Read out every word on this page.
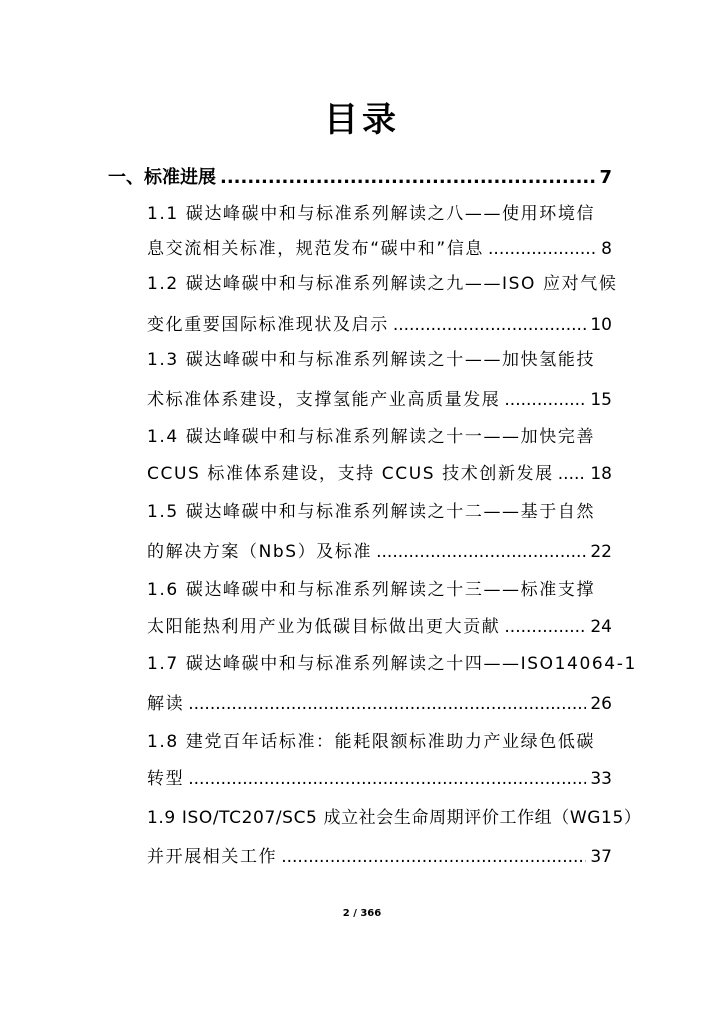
目录
一、标准进展 .....	7
1.1 碳达峰碳中和与标准系列解读之八——使用环境信
息交流相关标准，规范发布“碳中和”信息 .....	8
1.2 碳达峰碳中和与标准系列解读之九——ISO 应对气候
变化重要国际标准现状及启示 .....	10
1.3 碳达峰碳中和与标准系列解读之十——加快氢能技
术标准体系建设，支撑氢能产业高质量发展 .....	15
1.4 碳达峰碳中和与标准系列解读之十一——加快完善
CCUS 标准体系建设，支持 CCUS 技术创新发展 ..... 18
1.5 碳达峰碳中和与标准系列解读之十二——基于自然
的解决方案（NbS）及标准 .....	22
1.6 碳达峰碳中和与标准系列解读之十三——标准支撑
太阳能热利用产业为低碳目标做出更大贡献 .....	24
1.7 碳达峰碳中和与标准系列解读之十四——ISO14064-1
解读 .....	26
1.8 建党百年话标准：能耗限额标准助力产业绿色低碳
转型 .....	33
1.9 ISO/TC207/SC5 成立社会生命周期评价工作组（WG15）
并开展相关工作 .....	37
2 / 366
